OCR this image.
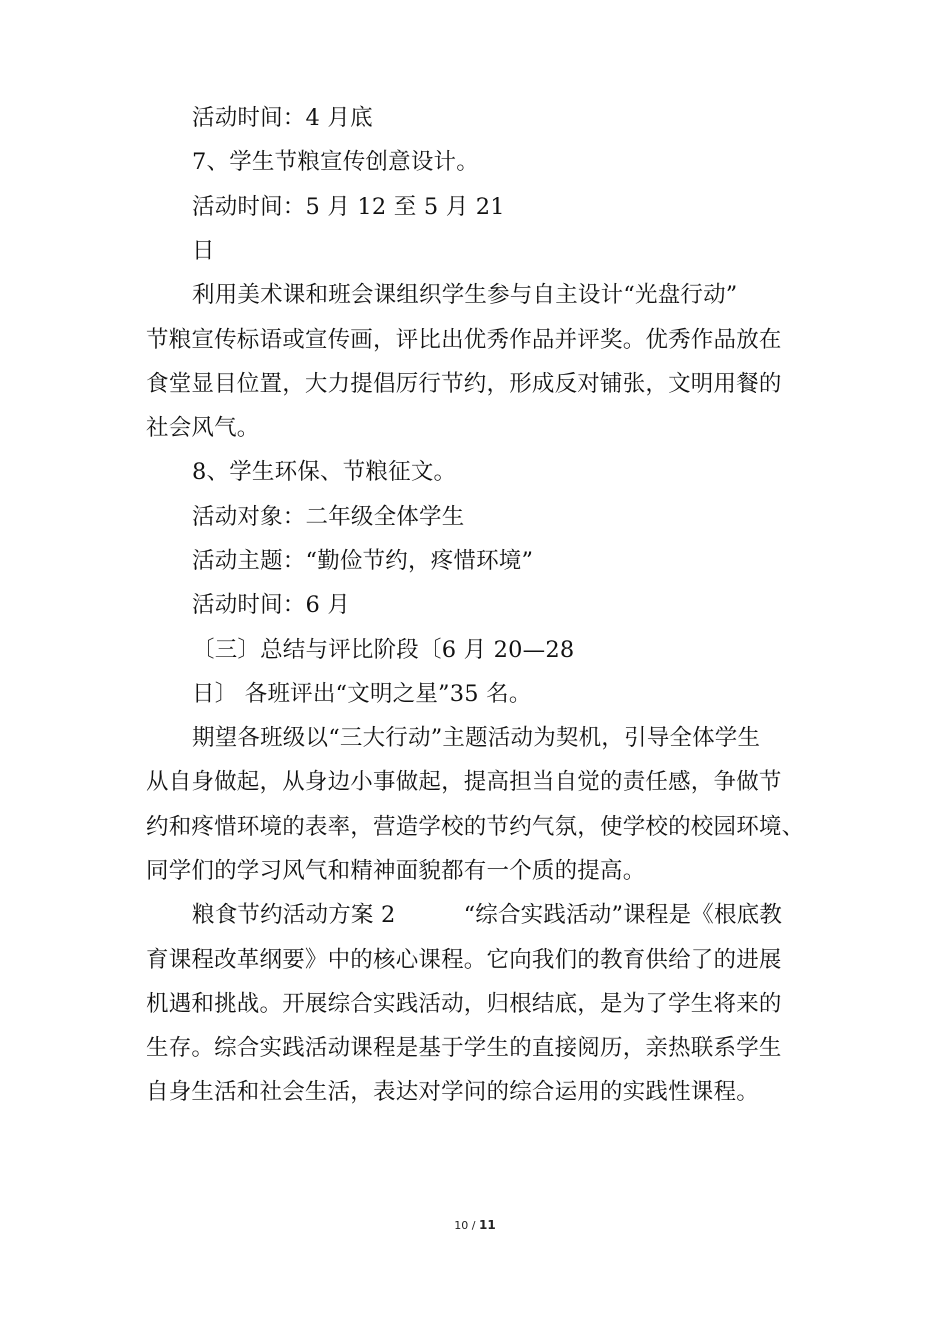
活动时间：4 月底
7、学生节粮宣传创意设计。
活动时间：5 月 12 至 5 月 21
日
利用美术课和班会课组织学生参与自主设计“光盘行动”
节粮宣传标语或宣传画，评比出优秀作品并评奖。优秀作品放在
食堂显目位置，大力提倡厉行节约，形成反对铺张，文明用餐的
社会风气。
8、学生环保、节粮征文。
活动对象：二年级全体学生
活动主题：“勤俭节约，疼惜环境”
活动时间：6 月
〔三〕总结与评比阶段〔6 月 20—28
日〕 各班评出“文明之星”35 名。
期望各班级以“三大行动”主题活动为契机，引导全体学生
从自身做起，从身边小事做起，提高担当自觉的责任感，争做节
约和疼惜环境的表率，营造学校的节约气氛，使学校的校园环境、
同学们的学习风气和精神面貌都有一个质的提高。
粮食节约活动方案 2　　　“综合实践活动”课程是《根底教
育课程改革纲要》中的核心课程。它向我们的教育供给了的进展
机遇和挑战。开展综合实践活动，归根结底，是为了学生将来的
生存。综合实践活动课程是基于学生的直接阅历，亲热联系学生
自身生活和社会生活，表达对学问的综合运用的实践性课程。
10 / 11
